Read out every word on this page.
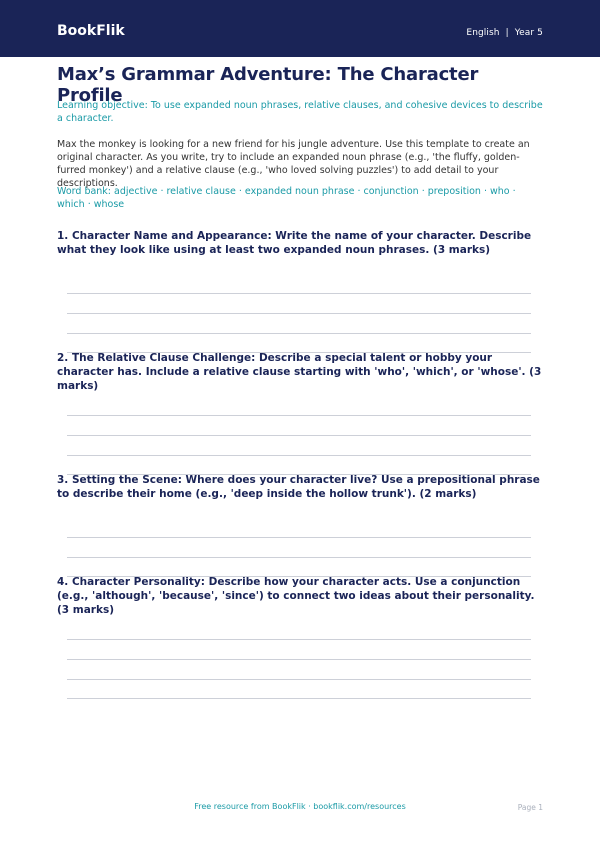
BookFlik	English | Year 5
Max’s Grammar Adventure: The Character Profile
Learning objective: To use expanded noun phrases, relative clauses, and cohesive devices to describe a character.
Max the monkey is looking for a new friend for his jungle adventure. Use this template to create an original character. As you write, try to include an expanded noun phrase (e.g., 'the fluffy, golden-furred monkey') and a relative clause (e.g., 'who loved solving puzzles') to add detail to your descriptions.
Word bank: adjective · relative clause · expanded noun phrase · conjunction · preposition · who · which · whose
1. Character Name and Appearance: Write the name of your character. Describe what they look like using at least two expanded noun phrases. (3 marks)
2. The Relative Clause Challenge: Describe a special talent or hobby your character has. Include a relative clause starting with 'who', 'which', or 'whose'. (3 marks)
3. Setting the Scene: Where does your character live? Use a prepositional phrase to describe their home (e.g., 'deep inside the hollow trunk'). (2 marks)
4. Character Personality: Describe how your character acts. Use a conjunction (e.g., 'although', 'because', 'since') to connect two ideas about their personality. (3 marks)
Free resource from BookFlik · bookflik.com/resources	Page 1
